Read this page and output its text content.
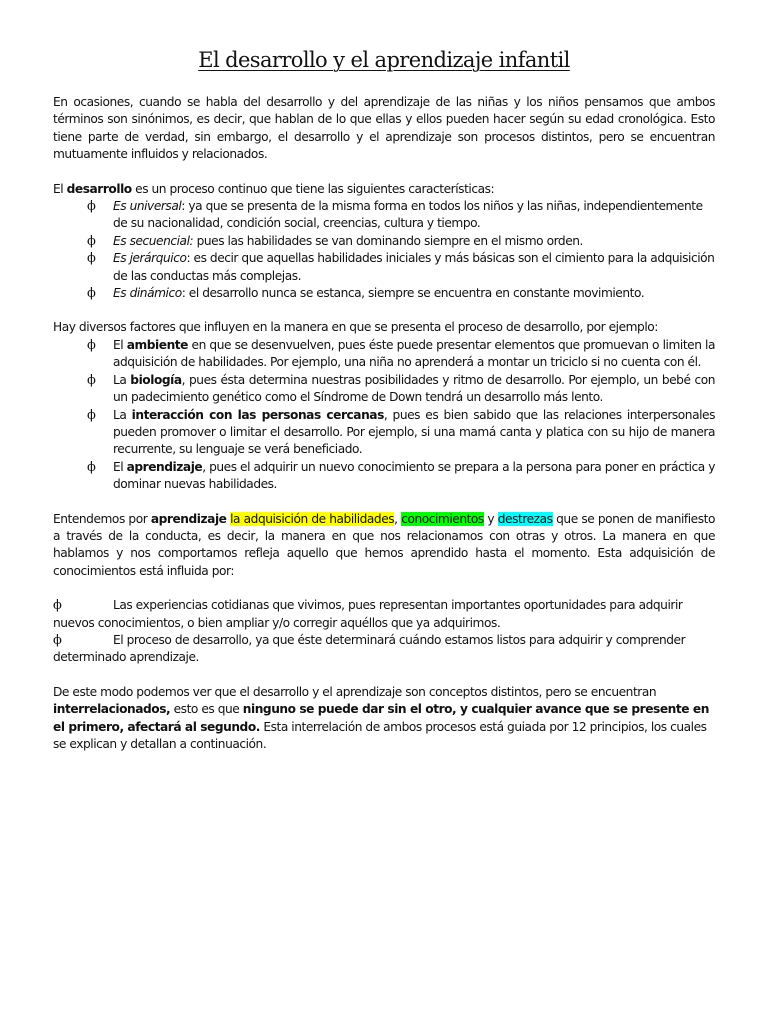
El desarrollo y el aprendizaje infantil

En ocasiones, cuando se habla del desarrollo y del aprendizaje de las niñas y los niños pensamos que ambos términos son sinónimos, es decir, que hablan de lo que ellas y ellos pueden hacer según su edad cronológica. Esto tiene parte de verdad, sin embargo, el desarrollo y el aprendizaje son procesos distintos, pero se encuentran mutuamente influidos y relacionados.

El desarrollo es un proceso continuo que tiene las siguientes características:

ϕ Es universal: ya que se presenta de la misma forma en todos los niños y las niñas, independientemente de su nacionalidad, condición social, creencias, cultura y tiempo.
ϕ Es secuencial: pues las habilidades se van dominando siempre en el mismo orden.
ϕ Es jerárquico: es decir que aquellas habilidades iniciales y más básicas son el cimiento para la adquisición de las conductas más complejas.
ϕ Es dinámico: el desarrollo nunca se estanca, siempre se encuentra en constante movimiento.

Hay diversos factores que influyen en la manera en que se presenta el proceso de desarrollo, por ejemplo:

ϕ El ambiente en que se desenvuelven, pues éste puede presentar elementos que promuevan o limiten la adquisición de habilidades. Por ejemplo, una niña no aprenderá a montar un triciclo si no cuenta con él.
ϕ La biología, pues ésta determina nuestras posibilidades y ritmo de desarrollo. Por ejemplo, un bebé con un padecimiento genético como el Síndrome de Down tendrá un desarrollo más lento.
ϕ La interacción con las personas cercanas, pues es bien sabido que las relaciones interpersonales pueden promover o limitar el desarrollo. Por ejemplo, si una mamá canta y platica con su hijo de manera recurrente, su lenguaje se verá beneficiado.
ϕ El aprendizaje, pues el adquirir un nuevo conocimiento se prepara a la persona para poner en práctica y dominar nuevas habilidades.

Entendemos por aprendizaje la adquisición de habilidades, conocimientos y destrezas que se ponen de manifiesto a través de la conducta, es decir, la manera en que nos relacionamos con otras y otros. La manera en que hablamos y nos comportamos refleja aquello que hemos aprendido hasta el momento. Esta adquisición de conocimientos está influida por:

ϕ	Las experiencias cotidianas que vivimos, pues representan importantes oportunidades para adquirir nuevos conocimientos, o bien ampliar y/o corregir aquéllos que ya adquirimos.

ϕ	El proceso de desarrollo, ya que éste determinará cuándo estamos listos para adquirir y comprender determinado aprendizaje.

De este modo podemos ver que el desarrollo y el aprendizaje son conceptos distintos, pero se encuentran interrelacionados, esto es que ninguno se puede dar sin el otro, y cualquier avance que se presente en el primero, afectará al segundo. Esta interrelación de ambos procesos está guiada por 12 principios, los cuales se explican y detallan a continuación.
